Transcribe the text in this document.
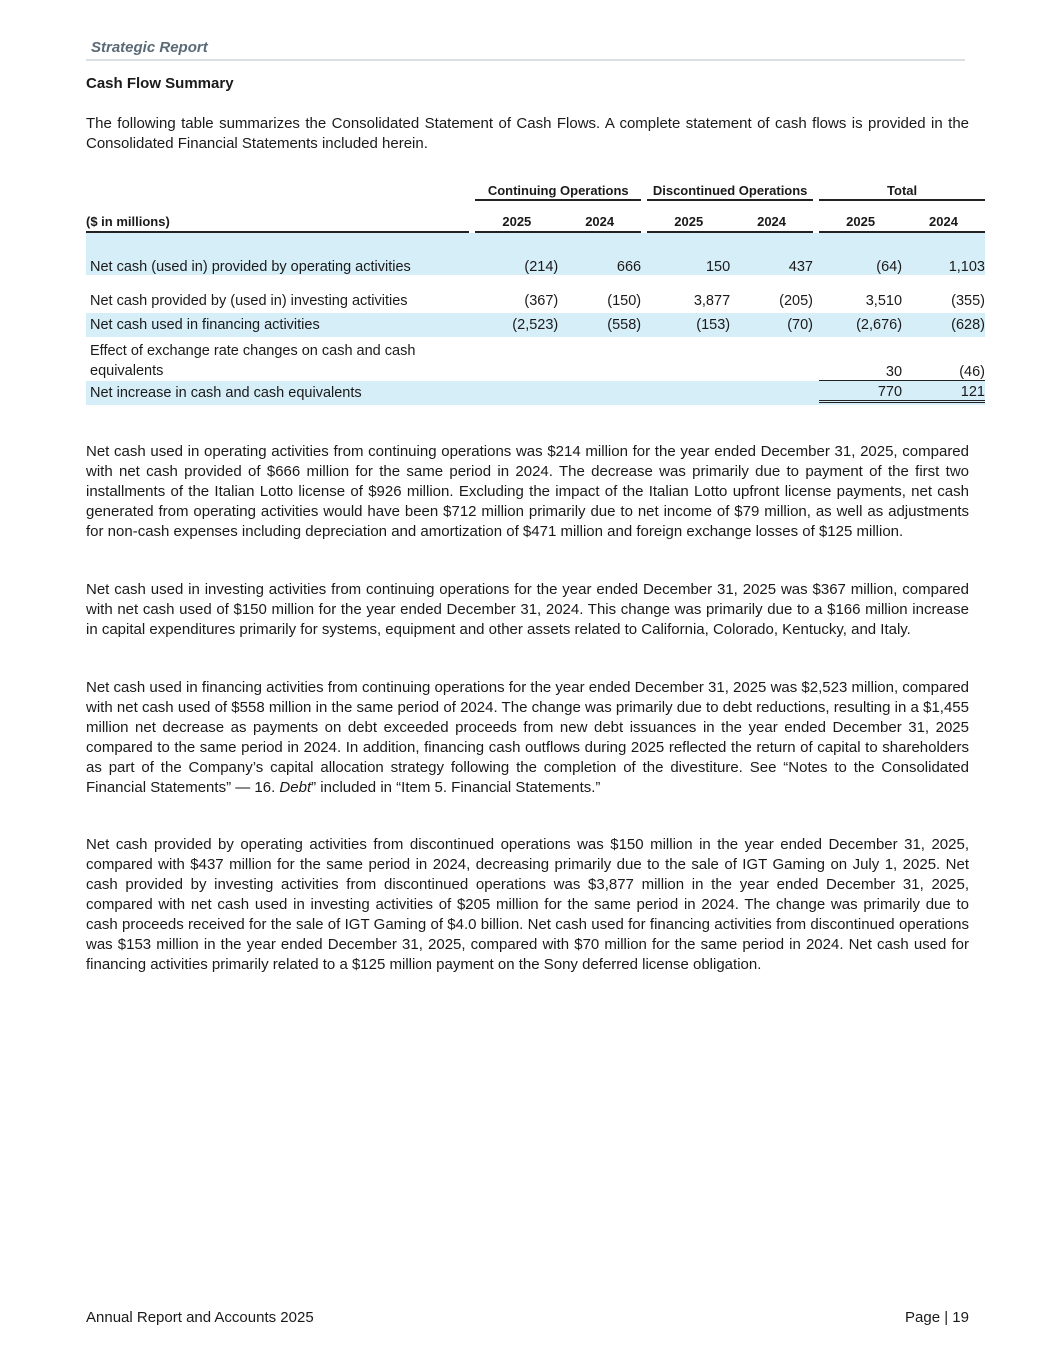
Strategic Report
Cash Flow Summary

The following table summarizes the Consolidated Statement of Cash Flows. A complete statement of cash flows is provided in the Consolidated Financial Statements included herein.

		Continuing Operations			Discontinued Operations			Total	

($ in millions)		2025	2024		2025	2024		2025	2024

Net cash (used in) provided by operating activities		(214)	666		150	437		(64)	1,103

Net cash provided by (used in) investing activities		(367)	(150)		3,877	(205)		3,510	(355)
Net cash used in financing activities		(2,523)	(558)		(153)	(70)		(2,676)	(628)
Effect of exchange rate changes on cash and cash equivalents								30	(46)

Net increase in cash and cash equivalents								770	121

Net cash used in operating activities from continuing operations was $214 million for the year ended December 31, 2025, compared with net cash provided of $666 million for the same period in 2024. The decrease was primarily due to payment of the first two installments of the Italian Lotto license of $926 million. Excluding the impact of the Italian Lotto upfront license payments, net cash generated from operating activities would have been $712 million primarily due to net income of $79 million, as well as adjustments for non-cash expenses including depreciation and amortization of $471 million and foreign exchange losses of $125 million.

Net cash used in investing activities from continuing operations for the year ended December 31, 2025 was $367 million, compared with net cash used of $150 million for the year ended December 31, 2024. This change was primarily due to a $166 million increase in capital expenditures primarily for systems, equipment and other assets related to California, Colorado, Kentucky, and Italy.

Net cash used in financing activities from continuing operations for the year ended December 31, 2025 was $2,523 million, compared with net cash used of $558 million in the same period of 2024. The change was primarily due to debt reductions, resulting in a $1,455 million net decrease as payments on debt exceeded proceeds from new debt issuances in the year ended December 31, 2025 compared to the same period in 2024. In addition, financing cash outflows during 2025 reflected the return of capital to shareholders as part of the Company’s capital allocation strategy following the completion of the divestiture. See “Notes to the Consolidated Financial Statements” — 16. Debt” included in “Item 5. Financial Statements.”

Net cash provided by operating activities from discontinued operations was $150 million in the year ended December 31, 2025, compared with $437 million for the same period in 2024, decreasing primarily due to the sale of IGT Gaming on July 1, 2025. Net cash provided by investing activities from discontinued operations was $3,877 million in the year ended December 31, 2025, compared with net cash used in investing activities of $205 million for the same period in 2024. The change was primarily due to cash proceeds received for the sale of IGT Gaming of $4.0 billion. Net cash used for financing activities from discontinued operations was $153 million in the year ended December 31, 2025, compared with $70 million for the same period in 2024. Net cash used for financing activities primarily related to a $125 million payment on the Sony deferred license obligation.

Annual Report and Accounts 2025	Page | 19
